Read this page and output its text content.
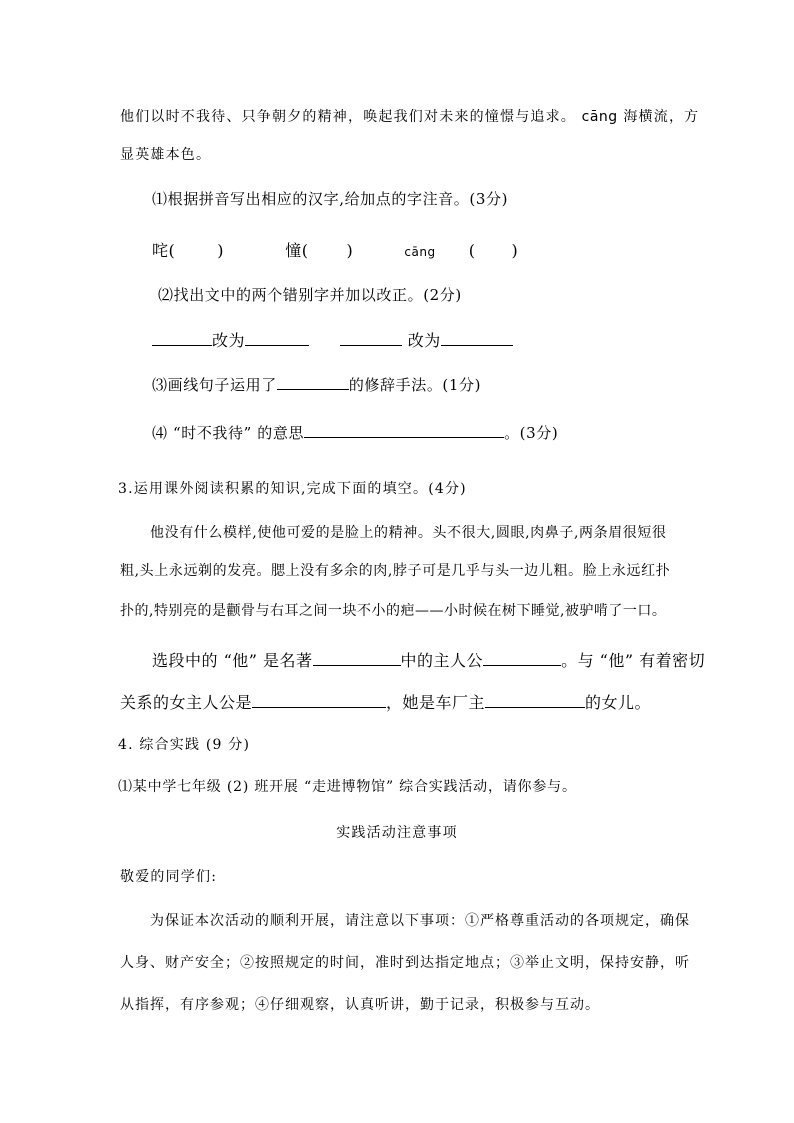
他们以时不我待、只争朝夕的精神，唤起我们对未来的憧憬与追求。 cāng 海横流，方
显英雄本色。
⑴根据拼音写出相应的汉字,给加点的字注音。(3分)
咤(	)	憧( )	cāng ( )
⑵找出文中的两个错别字并加以改正。(2分)
改为	改为
⑶画线句子运用了	的修辞手法。(1分)
⑷ “时不我待” 的意思	。(3分)
3.运用课外阅读积累的知识,完成下面的填空。(4分)
他没有什么模样,使他可爱的是脸上的精神。头不很大,圆眼,肉鼻子,两条眉很短很
粗,头上永远剃的发亮。腮上没有多余的肉,脖子可是几乎与头一边儿粗。脸上永远红扑
扑的,特别亮的是颧骨与右耳之间一块不小的疤——小时候在树下睡觉,被驴啃了一口。
选段中的 “他” 是名著	中的主人公	。与 “他” 有着密切
关系的女主人公是	，她是车厂主	的女儿。
4. 综合实践 (9 分)
⑴某中学七年级 (2) 班开展 “走进博物馆” 综合实践活动，请你参与。
实践活动注意事项
敬爱的同学们:
为保证本次活动的顺利开展，请注意以下事项：①严格尊重活动的各项规定，确保
人身、财产安全；②按照规定的时间，准时到达指定地点；③举止文明，保持安静，听
从指挥，有序参观；④仔细观察，认真听讲，勤于记录，积极参与互动。
